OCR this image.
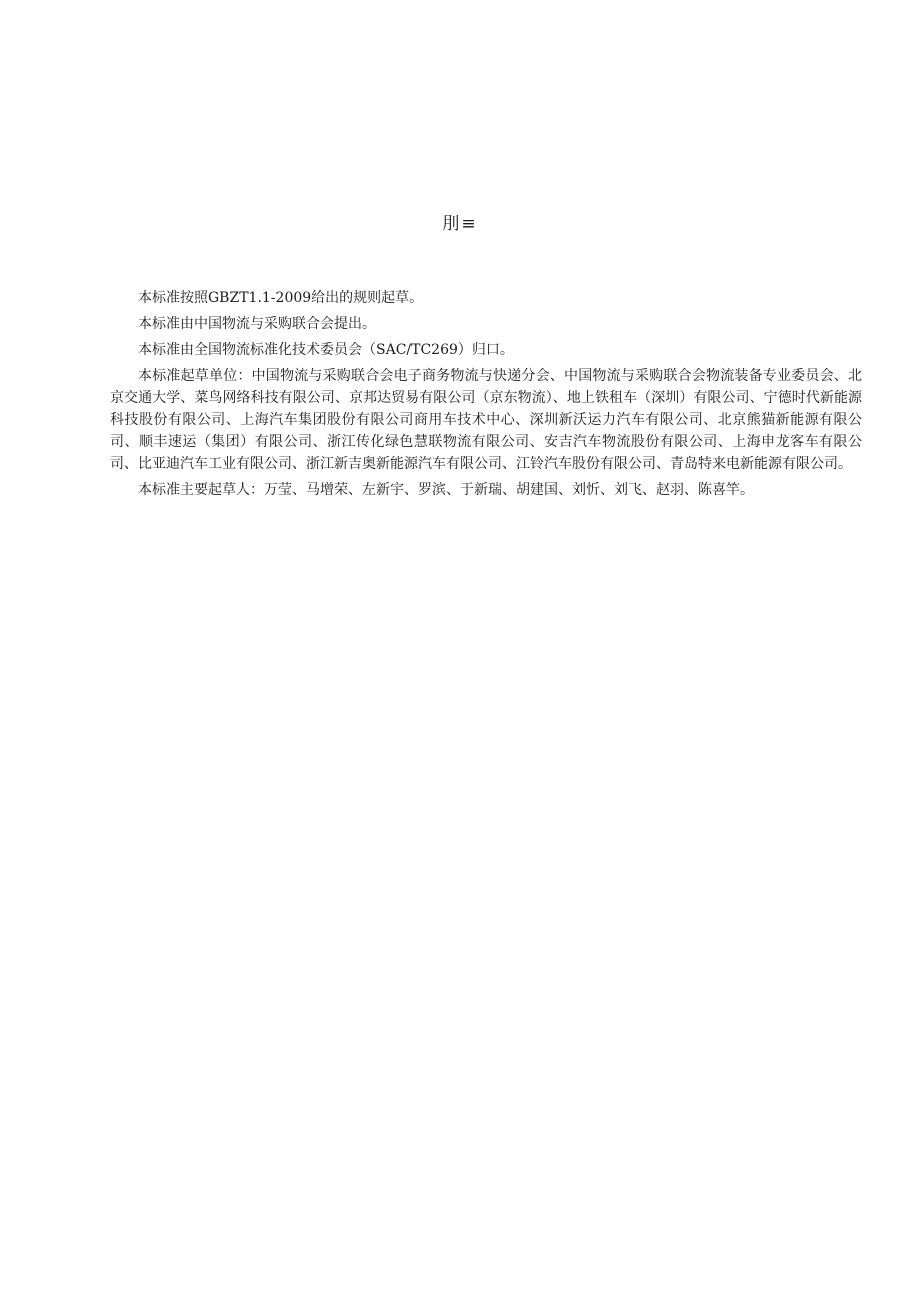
刖≡

本标准按照GBZT1.1-2009给出的规则起草。

本标准由中国物流与采购联合会提出。

本标准由全国物流标准化技术委员会（SAC/TC269）归口。

本标准起草单位：中国物流与采购联合会电子商务物流与快递分会、中国物流与采购联合会物流装备专业委员会、北京交通大学、菜鸟网络科技有限公司、京邦达贸易有限公司（京东物流）、地上铁租车（深圳）有限公司、宁德时代新能源科技股份有限公司、上海汽车集团股份有限公司商用车技术中心、深圳新沃运力汽车有限公司、北京熊猫新能源有限公司、顺丰速运（集团）有限公司、浙江传化绿色慧联物流有限公司、安吉汽车物流股份有限公司、上海申龙客车有限公司、比亚迪汽车工业有限公司、浙江新吉奥新能源汽车有限公司、江铃汽车股份有限公司、青岛特来电新能源有限公司。

本标准主要起草人：万莹、马增荣、左新宇、罗滨、于新瑞、胡建国、刘忻、刘飞、赵羽、陈喜竿。
